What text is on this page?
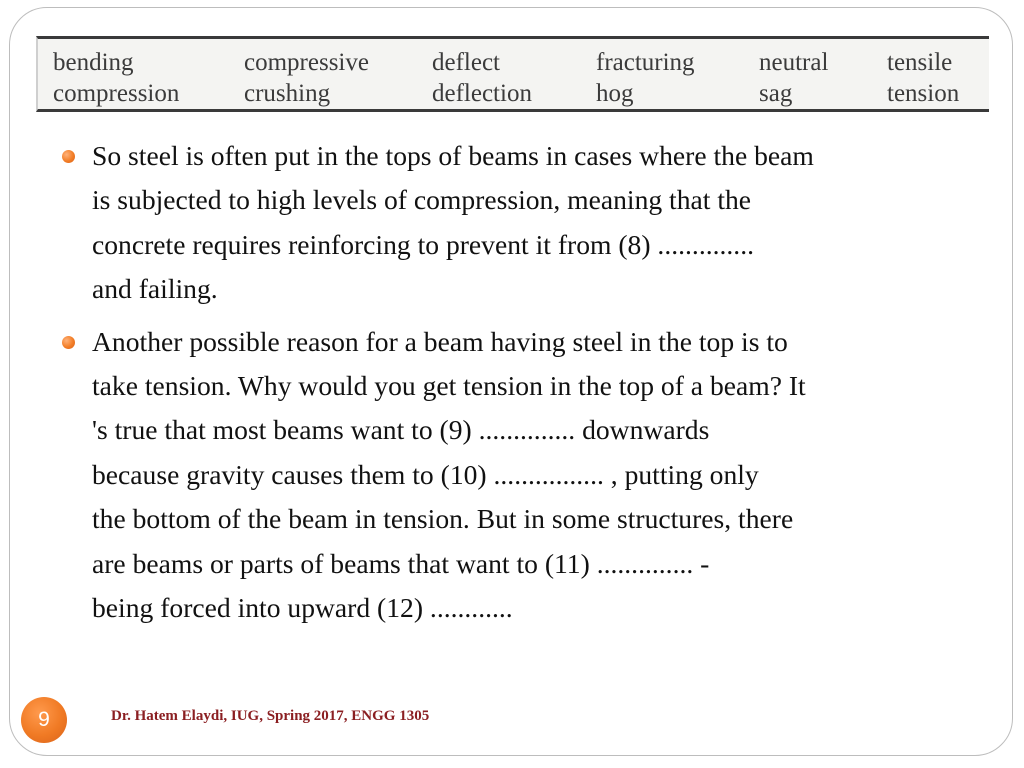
bending
compression
compressive
crushing
deflect
deflection
fracturing
hog
neutral
sag
tensile
tension
So steel is often put in the tops of beams in cases where the beam
is subjected to high levels of compression, meaning that the
concrete requires reinforcing to prevent it from (8) ..............
and failing.
Another possible reason for a beam having steel in the top is to
take tension. Why would you get tension in the top of a beam? It
's true that most beams want to (9) .............. downwards
because gravity causes them to (10) ................ , putting only
the bottom of the beam in tension. But in some structures, there
are beams or parts of beams that want to (11) .............. -
being forced into upward (12) ............
9	Dr. Hatem Elaydi, IUG, Spring 2017, ENGG 1305
